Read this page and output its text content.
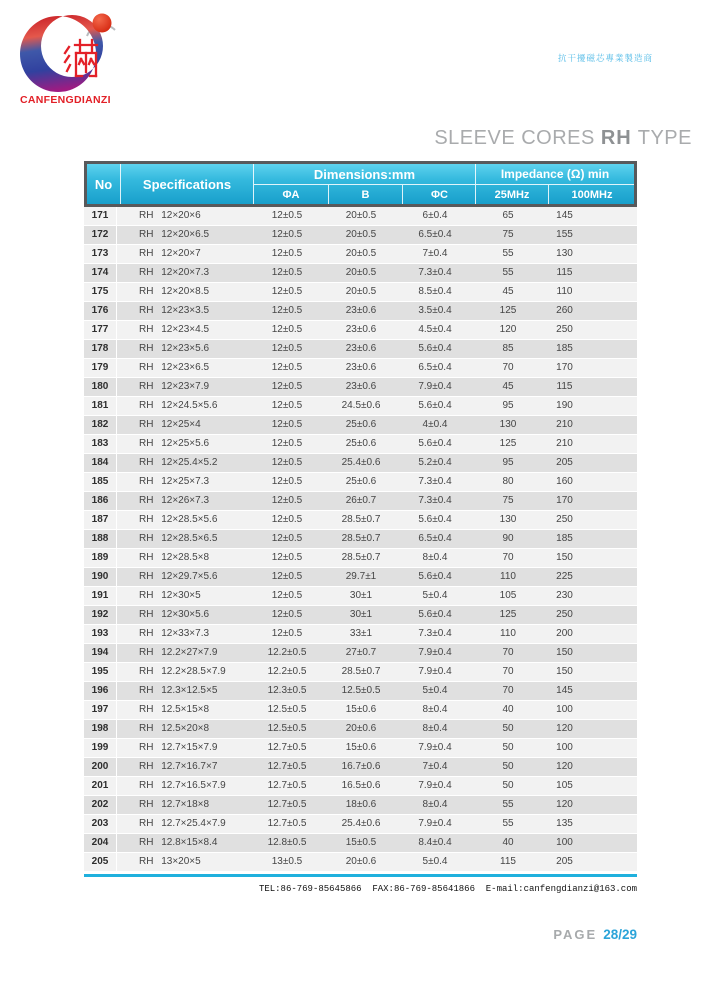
CANFENGDIANZI
抗干擾磁芯專業製造商
SLEEVE CORES RH TYPE
No	Specifications
Dimensions:mm
ΦA	B	ΦC
Impedance (Ω) min
25MHz	100MHz
171	RH 12×20×6	12±0.5	20±0.5	6±0.4	65	145
172	RH 12×20×6.5	12±0.5	20±0.5	6.5±0.4	75	155
173	RH 12×20×7	12±0.5	20±0.5	7±0.4	55	130
174	RH 12×20×7.3	12±0.5	20±0.5	7.3±0.4	55	115
175	RH 12×20×8.5	12±0.5	20±0.5	8.5±0.4	45	110
176	RH 12×23×3.5	12±0.5	23±0.6	3.5±0.4	125	260
177	RH 12×23×4.5	12±0.5	23±0.6	4.5±0.4	120	250
178	RH 12×23×5.6	12±0.5	23±0.6	5.6±0.4	85	185
179	RH 12×23×6.5	12±0.5	23±0.6	6.5±0.4	70	170
180	RH 12×23×7.9	12±0.5	23±0.6	7.9±0.4	45	115
181	RH 12×24.5×5.6	12±0.5	24.5±0.6	5.6±0.4	95	190
182	RH 12×25×4	12±0.5	25±0.6	4±0.4	130	210
183	RH 12×25×5.6	12±0.5	25±0.6	5.6±0.4	125	210
184	RH 12×25.4×5.2	12±0.5	25.4±0.6	5.2±0.4	95	205
185	RH 12×25×7.3	12±0.5	25±0.6	7.3±0.4	80	160
186	RH 12×26×7.3	12±0.5	26±0.7	7.3±0.4	75	170
187	RH 12×28.5×5.6	12±0.5	28.5±0.7	5.6±0.4	130	250
188	RH 12×28.5×6.5	12±0.5	28.5±0.7	6.5±0.4	90	185
189	RH 12×28.5×8	12±0.5	28.5±0.7	8±0.4	70	150
190	RH 12×29.7×5.6	12±0.5	29.7±1	5.6±0.4	110	225
191	RH 12×30×5	12±0.5	30±1	5±0.4	105	230
192	RH 12×30×5.6	12±0.5	30±1	5.6±0.4	125	250
193	RH 12×33×7.3	12±0.5	33±1	7.3±0.4	110	200
194	RH 12.2×27×7.9	12.2±0.5	27±0.7	7.9±0.4	70	150
195	RH 12.2×28.5×7.9	12.2±0.5	28.5±0.7	7.9±0.4	70	150
196	RH 12.3×12.5×5	12.3±0.5	12.5±0.5	5±0.4	70	145
197	RH 12.5×15×8	12.5±0.5	15±0.6	8±0.4	40	100
198	RH 12.5×20×8	12.5±0.5	20±0.6	8±0.4	50	120
199	RH 12.7×15×7.9	12.7±0.5	15±0.6	7.9±0.4	50	100
200	RH 12.7×16.7×7	12.7±0.5	16.7±0.6	7±0.4	50	120
201	RH 12.7×16.5×7.9	12.7±0.5	16.5±0.6	7.9±0.4	50	105
202	RH 12.7×18×8	12.7±0.5	18±0.6	8±0.4	55	120
203	RH 12.7×25.4×7.9	12.7±0.5	25.4±0.6	7.9±0.4	55	135
204	RH 12.8×15×8.4	12.8±0.5	15±0.5	8.4±0.4	40	100
205	RH 13×20×5	13±0.5	20±0.6	5±0.4	115	205
TEL:86-769-85645866  FAX:86-769-85641866  E-mail:canfengdianzi@163.com
PAGE 28/29
